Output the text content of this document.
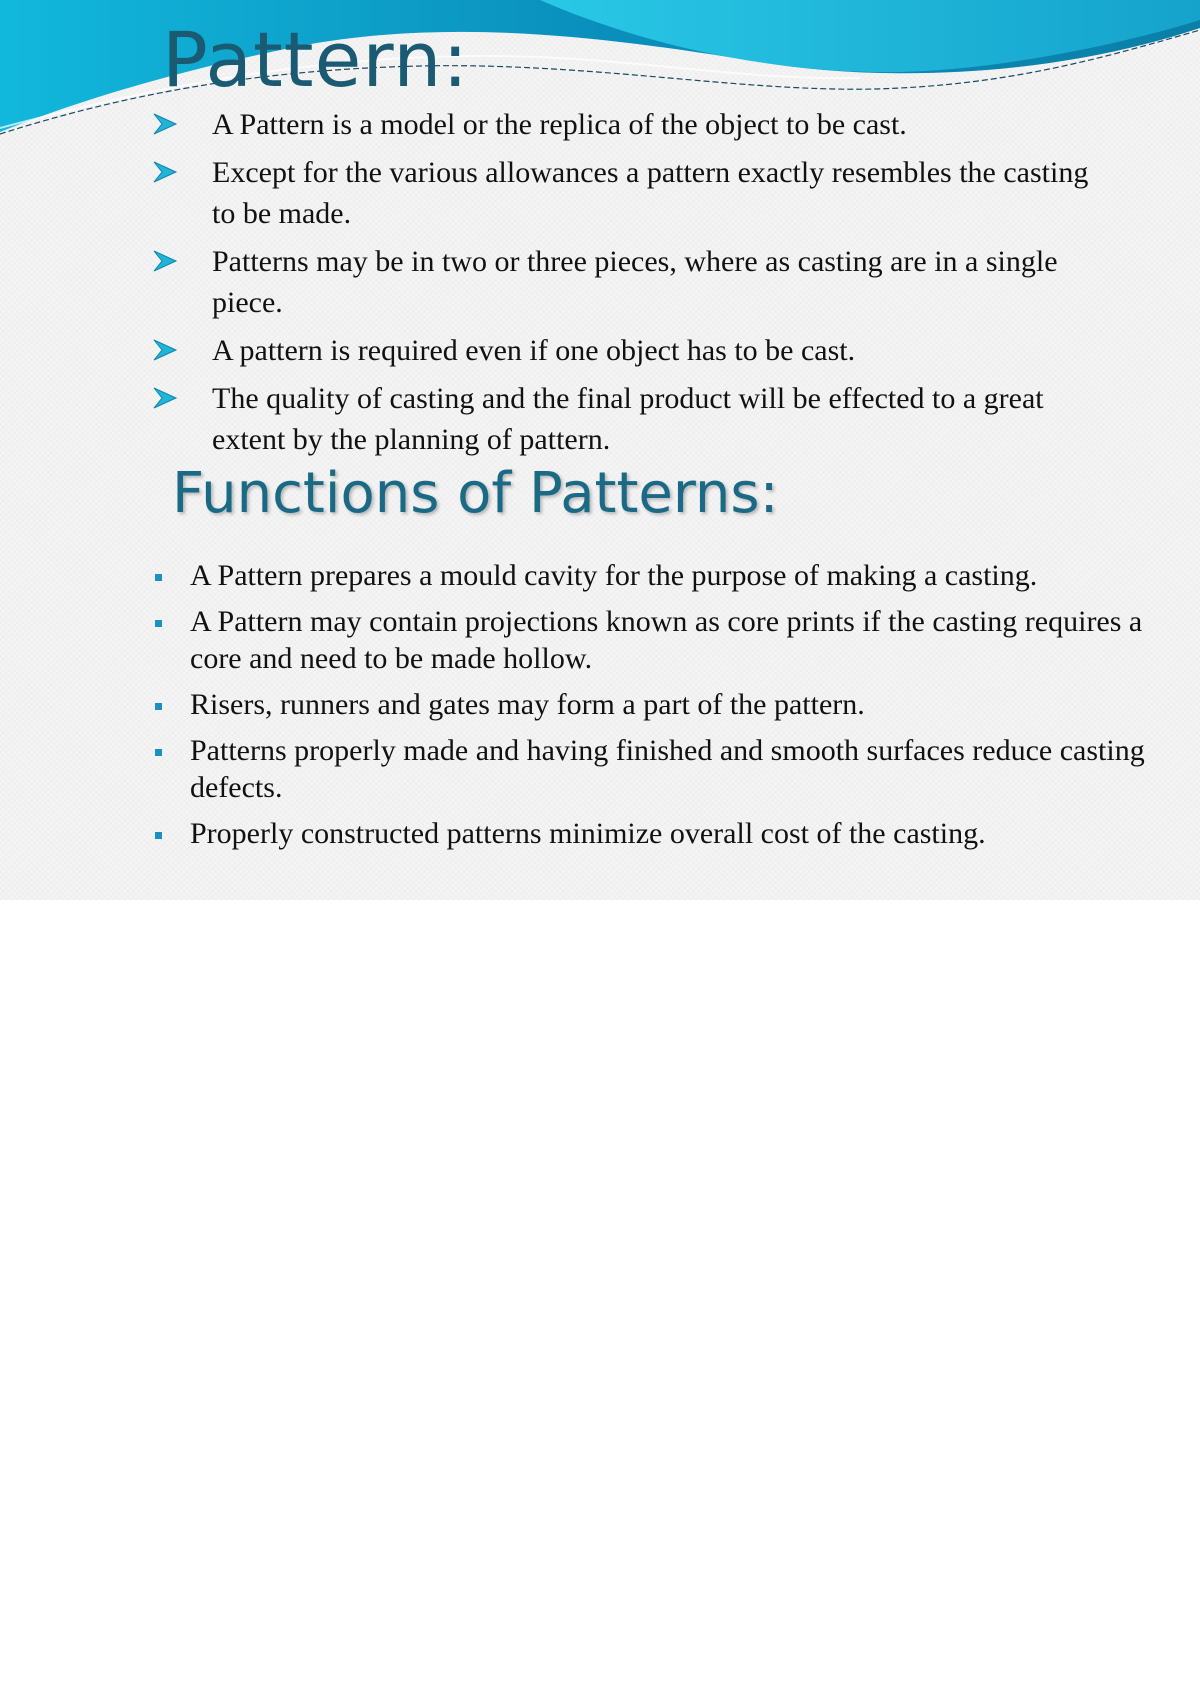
Pattern:
A Pattern is a model or the replica of the object to be cast.
Except for the various allowances a pattern exactly resembles the casting to be made.
Patterns may be in two or three pieces, where as casting are in a single piece.
A pattern is required even if one object has to be cast.
The quality of casting and the final product will be effected to a great extent by the planning of pattern.
Functions of Patterns:
A Pattern prepares a mould cavity for the purpose of making a casting.
A Pattern may contain projections known as core prints if the casting requires a core and need to be made hollow.
Risers, runners and gates may form a part of the pattern.
Patterns properly made and having finished and smooth surfaces reduce casting defects.
Properly constructed patterns minimize overall cost of the casting.
